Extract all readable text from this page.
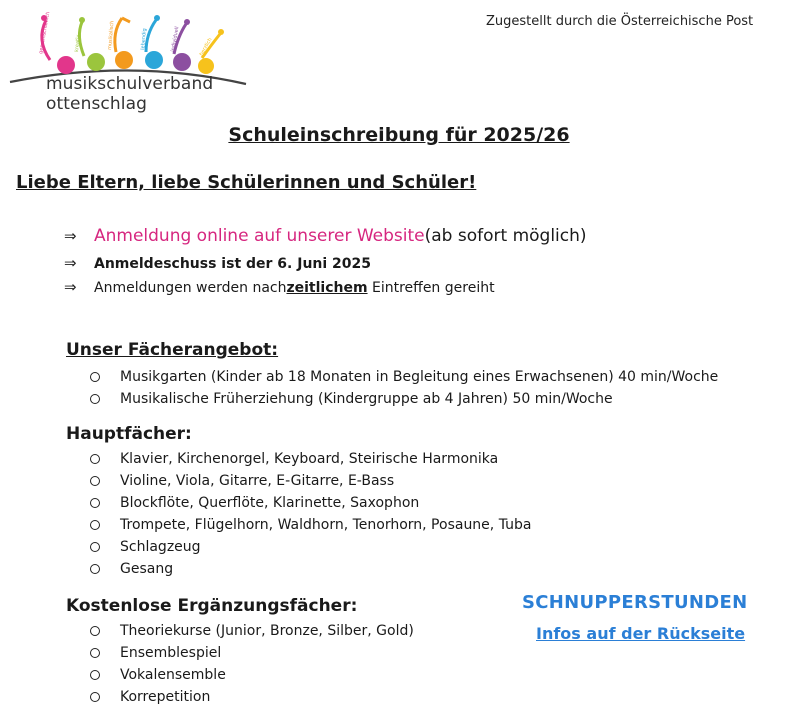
gemeinschaftlich	kreativ	musikalisch	lebendig	individuell	herzlich
musikschulverband
ottenschlag
Zugestellt durch die Österreichische Post
Schuleinschreibung für 2025/26
Liebe Eltern, liebe Schülerinnen und Schüler!
⇒	Anmeldung online auf unserer Website (ab sofort möglich)
⇒	Anmeldeschuss ist der 6. Juni 2025
⇒	Anmeldungen werden nach zeitlichem Eintreffen gereiht
Unser Fächerangebot:
Musikgarten (Kinder ab 18 Monaten in Begleitung eines Erwachsenen) 40 min/Woche
Musikalische Früherziehung (Kindergruppe ab 4 Jahren) 50 min/Woche
Hauptfächer:
Klavier, Kirchenorgel, Keyboard, Steirische Harmonika
Violine, Viola, Gitarre, E-Gitarre, E-Bass
Blockflöte, Querflöte, Klarinette, Saxophon
Trompete, Flügelhorn, Waldhorn, Tenorhorn, Posaune, Tuba
Schlagzeug
Gesang
Kostenlose Ergänzungsfächer:
Theoriekurse (Junior, Bronze, Silber, Gold)
Ensemblespiel
Vokalensemble
Korrepetition
SCHNUPPERSTUNDEN
Infos auf der Rückseite
